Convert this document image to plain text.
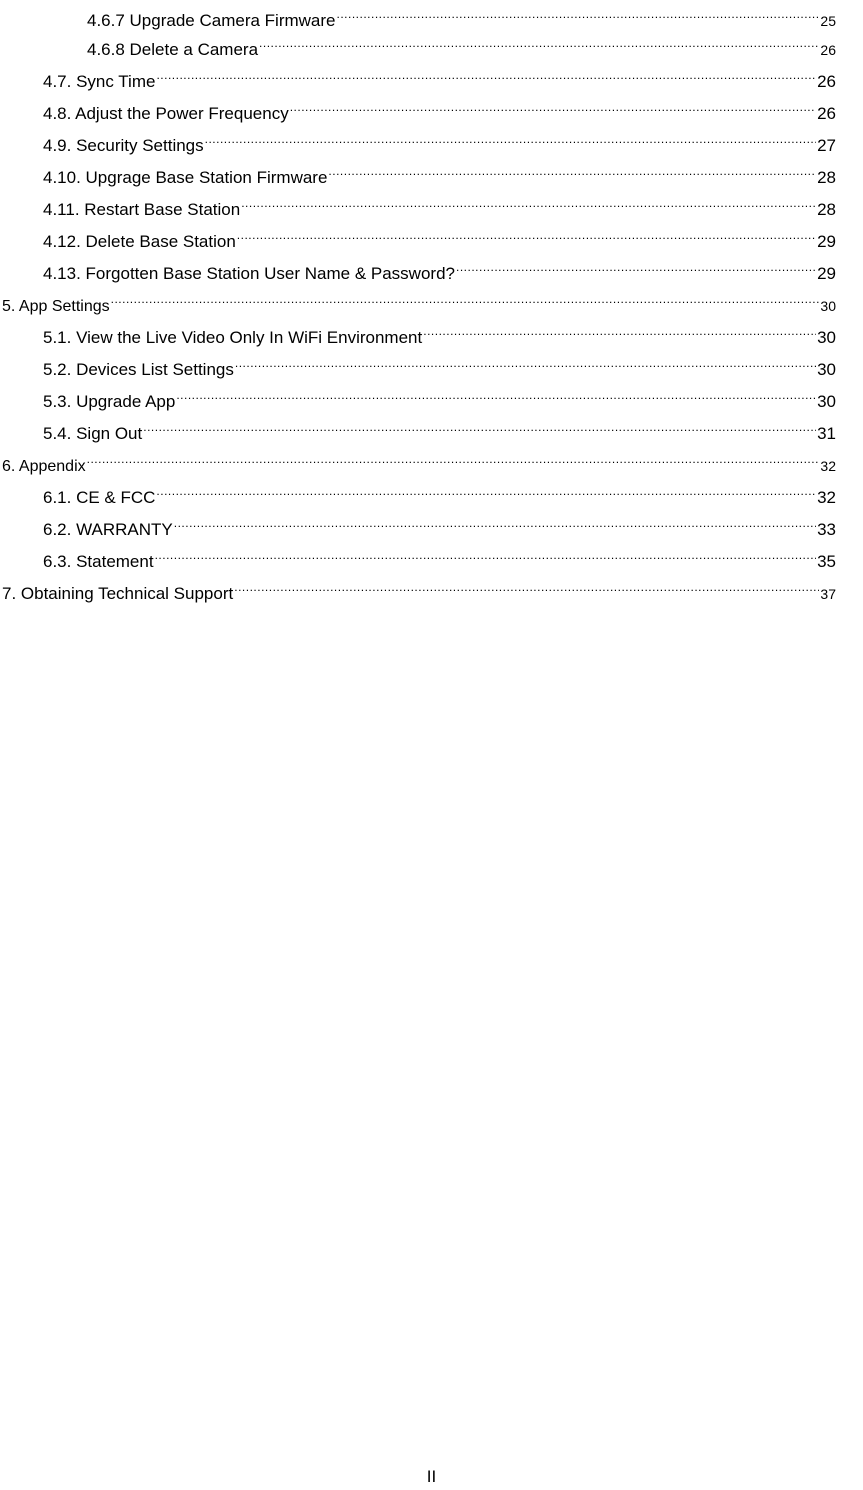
4.6.7 Upgrade Camera Firmware .....	25
4.6.8 Delete a Camera .....	26
4.7. Sync Time .....	26
4.8. Adjust the Power Frequency .....	26
4.9. Security Settings .....	27
4.10. Upgrage Base Station Firmware .....	28
4.11. Restart Base Station .....	28
4.12. Delete Base Station .....	29
4.13. Forgotten Base Station User Name & Password? .....	29
5. App Settings .....	30
5.1. View the Live Video Only In WiFi Environment .....	30
5.2. Devices List Settings .....	30
5.3. Upgrade App .....	30
5.4. Sign Out .....	31
6. Appendix .....	32
6.1. CE & FCC .....	32
6.2. WARRANTY .....	33
6.3. Statement .....	35
7. Obtaining Technical Support .....	37
II
